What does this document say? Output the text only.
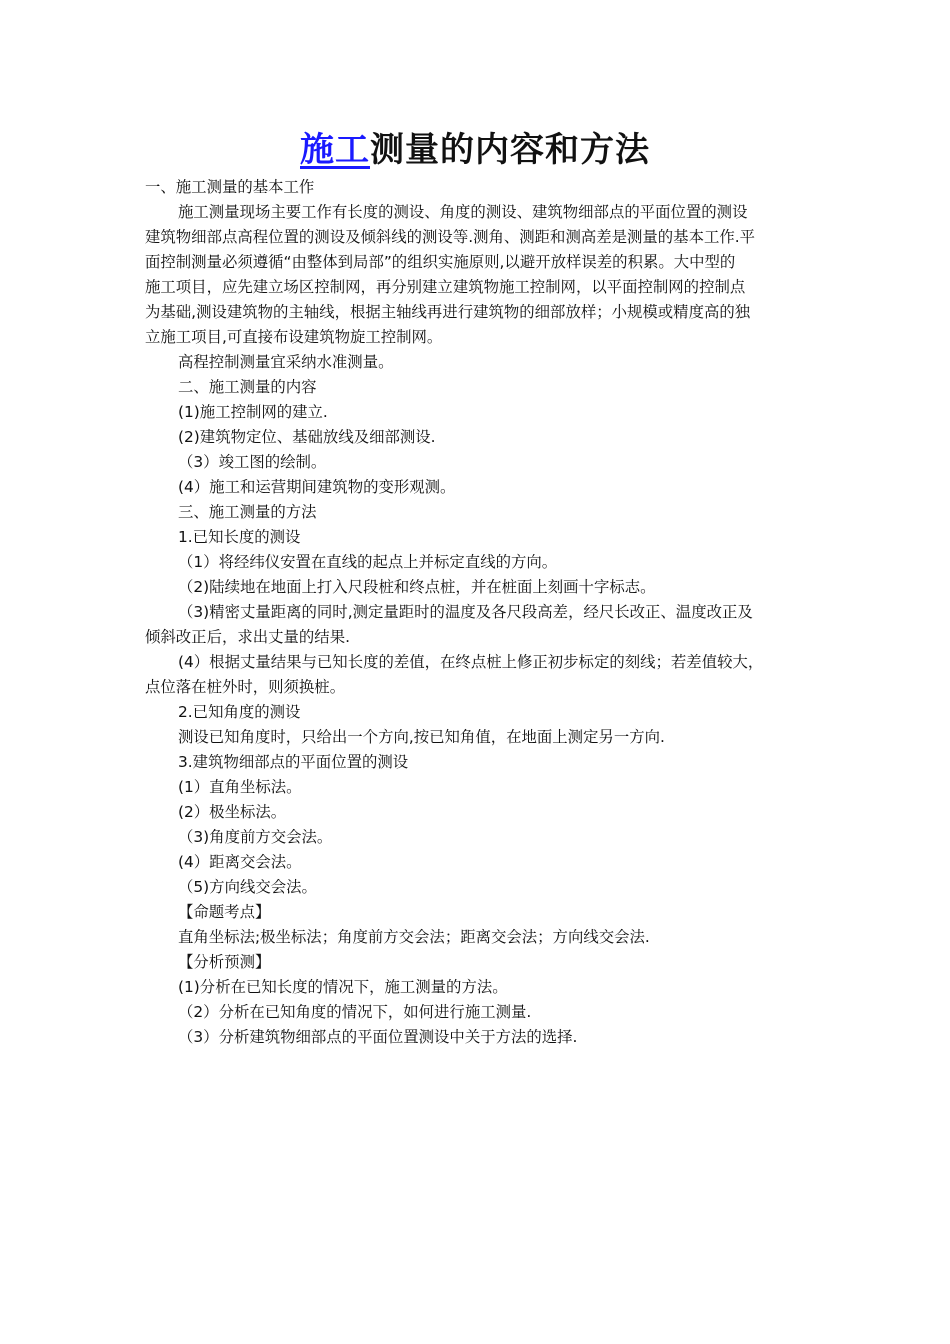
施工测量的内容和方法
一、施工测量的基本工作
施工测量现场主要工作有长度的测设、角度的测设、建筑物细部点的平面位置的测设
建筑物细部点高程位置的测设及倾斜线的测设等.测角、测距和测高差是测量的基本工作.平
面控制测量必须遵循“由整体到局部”的组织实施原则,以避开放样误差的积累。大中型的
施工项目，应先建立场区控制网，再分别建立建筑物施工控制网，以平面控制网的控制点
为基础,测设建筑物的主轴线，根据主轴线再进行建筑物的细部放样；小规模或精度高的独
立施工项目,可直接布设建筑物旋工控制网。
高程控制测量宜采纳水准测量。
二、施工测量的内容
(1)施工控制网的建立.
(2)建筑物定位、基础放线及细部测设.
（3）竣工图的绘制。
(4）施工和运营期间建筑物的变形观测。
三、施工测量的方法
1.已知长度的测设
（1）将经纬仪安置在直线的起点上并标定直线的方向。
（2)陆续地在地面上打入尺段桩和终点桩，并在桩面上刻画十字标志。
（3)精密丈量距离的同时,测定量距时的温度及各尺段高差，经尺长改正、温度改正及
倾斜改正后，求出丈量的结果.
(4）根据丈量结果与已知长度的差值，在终点桩上修正初步标定的刻线；若差值较大，
点位落在桩外时，则须换桩。
2.已知角度的测设
测设已知角度时，只给出一个方向,按已知角值，在地面上测定另一方向.
3.建筑物细部点的平面位置的测设
(1）直角坐标法。
(2）极坐标法。
（3)角度前方交会法。
(4）距离交会法。
（5)方向线交会法。
【命题考点】
直角坐标法;极坐标法；角度前方交会法；距离交会法；方向线交会法.
【分析预测】
(1)分析在已知长度的情况下，施工测量的方法。
（2）分析在已知角度的情况下，如何进行施工测量.
（3）分析建筑物细部点的平面位置测设中关于方法的选择.
